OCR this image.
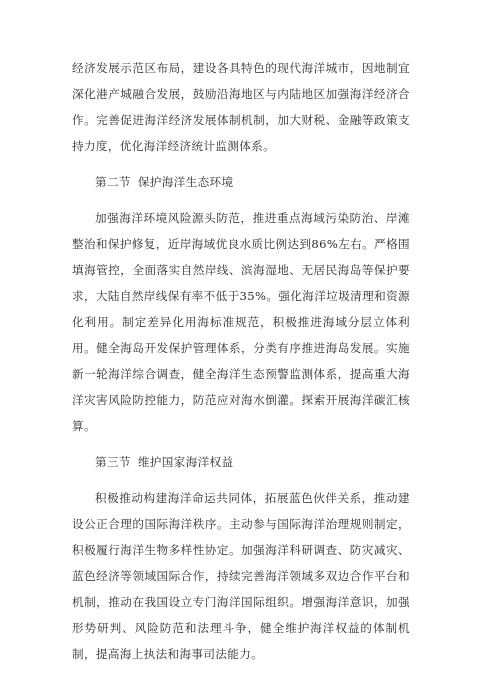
经济发展示范区布局，建设各具特色的现代海洋城市，因地制宜深化港产城融合发展，鼓励沿海地区与内陆地区加强海洋经济合作。完善促进海洋经济发展体制机制，加大财税、金融等政策支持力度，优化海洋经济统计监测体系。

第二节 保护海洋生态环境

加强海洋环境风险源头防范，推进重点海域污染防治、岸滩整治和保护修复，近岸海域优良水质比例达到86%左右。严格围填海管控，全面落实自然岸线、滨海湿地、无居民海岛等保护要求，大陆自然岸线保有率不低于35%。强化海洋垃圾清理和资源化利用。制定差异化用海标准规范，积极推进海域分层立体利用。健全海岛开发保护管理体系，分类有序推进海岛发展。实施新一轮海洋综合调查，健全海洋生态预警监测体系，提高重大海洋灾害风险防控能力，防范应对海水倒灌。探索开展海洋碳汇核算。

第三节 维护国家海洋权益

积极推动构建海洋命运共同体，拓展蓝色伙伴关系，推动建设公正合理的国际海洋秩序。主动参与国际海洋治理规则制定，积极履行海洋生物多样性协定。加强海洋科研调查、防灾减灾、蓝色经济等领域国际合作，持续完善海洋领域多双边合作平台和机制，推动在我国设立专门海洋国际组织。增强海洋意识，加强形势研判、风险防范和法理斗争，健全维护海洋权益的体制机制，提高海上执法和海事司法能力。
